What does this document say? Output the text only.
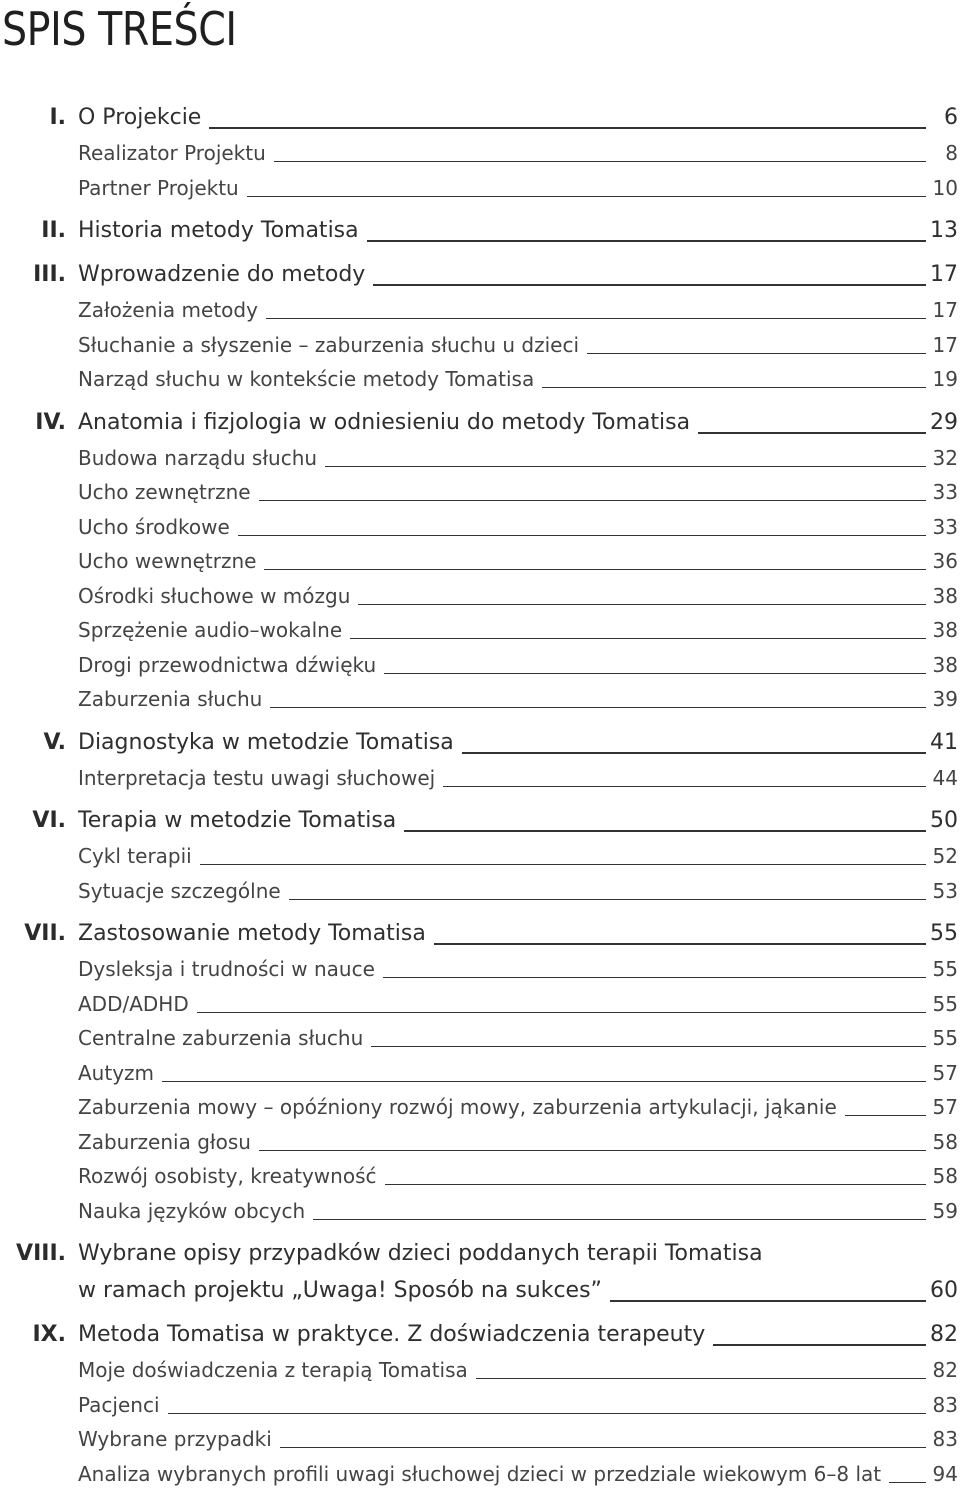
SPIS TREŚCI
I. O Projekcie	6
Realizator Projektu	8
Partner Projektu	10
II. Historia metody Tomatisa	13
III. Wprowadzenie do metody	17
Założenia metody	17
Słuchanie a słyszenie – zaburzenia słuchu u dzieci	17
Narząd słuchu w kontekście metody Tomatisa	19
IV. Anatomia i fizjologia w odniesieniu do metody Tomatisa	29
Budowa narządu słuchu	32
Ucho zewnętrzne	33
Ucho środkowe	33
Ucho wewnętrzne	36
Ośrodki słuchowe w mózgu	38
Sprzężenie audio–wokalne	38
Drogi przewodnictwa dźwięku	38
Zaburzenia słuchu	39
V. Diagnostyka w metodzie Tomatisa	41
Interpretacja testu uwagi słuchowej	44
VI. Terapia w metodzie Tomatisa	50
Cykl terapii	52
Sytuacje szczególne	53
VII. Zastosowanie metody Tomatisa	55
Dysleksja i trudności w nauce	55
ADD/ADHD	55
Centralne zaburzenia słuchu	55
Autyzm	57
Zaburzenia mowy – opóźniony rozwój mowy, zaburzenia artykulacji, jąkanie	57
Zaburzenia głosu	58
Rozwój osobisty, kreatywność	58
Nauka języków obcych	59
VIII. Wybrane opisy przypadków dzieci poddanych terapii Tomatisa
w ramach projektu „Uwaga! Sposób na sukces”	60
IX. Metoda Tomatisa w praktyce. Z doświadczenia terapeuty	82
Moje doświadczenia z terapią Tomatisa	82
Pacjenci	83
Wybrane przypadki	83
Analiza wybranych profili uwagi słuchowej dzieci w przedziale wiekowym 6–8 lat	94
